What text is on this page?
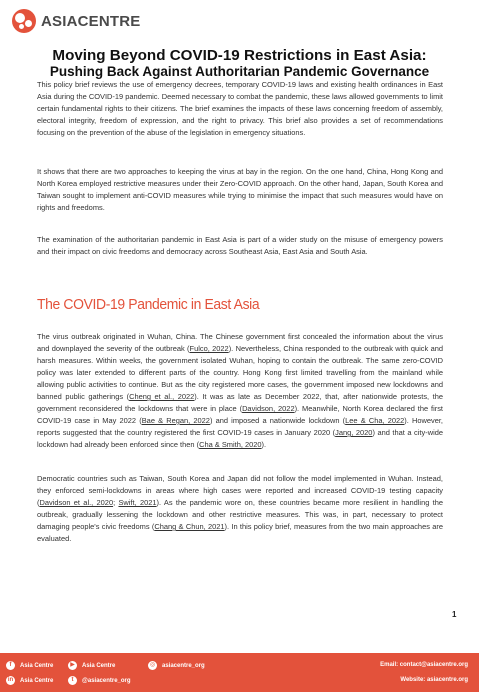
ASIACENTRE
Moving Beyond COVID-19 Restrictions in East Asia:
Pushing Back Against Authoritarian Pandemic Governance

This policy brief reviews the use of emergency decrees, temporary COVID-19 laws and existing health ordinances in East Asia during the COVID-19 pandemic. Deemed necessary to combat the pandemic, these laws allowed governments to limit certain fundamental rights to their citizens. The brief examines the impacts of these laws concerning freedom of assembly, electoral integrity, freedom of expression, and the right to privacy. This brief also provides a set of recommendations focusing on the prevention of the abuse of the legislation in emergency situations.

It shows that there are two approaches to keeping the virus at bay in the region. On the one hand, China, Hong Kong and North Korea employed restrictive measures under their Zero-COVID approach. On the other hand, Japan, South Korea and Taiwan sought to implement anti-COVID measures while trying to minimise the impact that such measures would have on rights and freedoms.

The examination of the authoritarian pandemic in East Asia is part of a wider study on the misuse of emergency powers and their impact on civic freedoms and democracy across Southeast Asia, East Asia and South Asia.

The COVID-19 Pandemic in East Asia

The virus outbreak originated in Wuhan, China. The Chinese government first concealed the information about the virus and downplayed the severity of the outbreak (Fulco, 2022). Nevertheless, China responded to the outbreak with quick and harsh measures. Within weeks, the government isolated Wuhan, hoping to contain the outbreak. The same zero-COVID policy was later extended to different parts of the country. Hong Kong first limited travelling from the mainland while allowing public activities to continue. But as the city registered more cases, the government imposed new lockdowns and banned public gatherings (Cheng et al., 2022). It was as late as December 2022, that, after nationwide protests, the government reconsidered the lockdowns that were in place (Davidson, 2022). Meanwhile, North Korea declared the first COVID-19 case in May 2022 (Bae & Regan, 2022) and imposed a nationwide lockdown (Lee & Cha, 2022). However, reports suggested that the country registered the first COVID-19 cases in January 2020 (Jang, 2020) and that a city-wide lockdown had already been enforced since then (Cha & Smith, 2020).

Democratic countries such as Taiwan, South Korea and Japan did not follow the model implemented in Wuhan. Instead, they enforced semi-lockdowns in areas where high cases were reported and increased COVID-19 testing capacity (Davidson et al., 2020; Swift, 2021). As the pandemic wore on, these countries became more resilient in handling the outbreak, gradually lessening the lockdown and other restrictive measures. This was, in part, necessary to protect damaging people's civic freedoms (Chang & Chun, 2021). In this policy brief, measures from the two main approaches are evaluated.

1
f	Asia Centre	▶	Asia Centre	◎	asiacentre_org
in	Asia Centre	t	@asiacentre_org
Email: contact@asiacentre.org
Website: asiacentre.org
